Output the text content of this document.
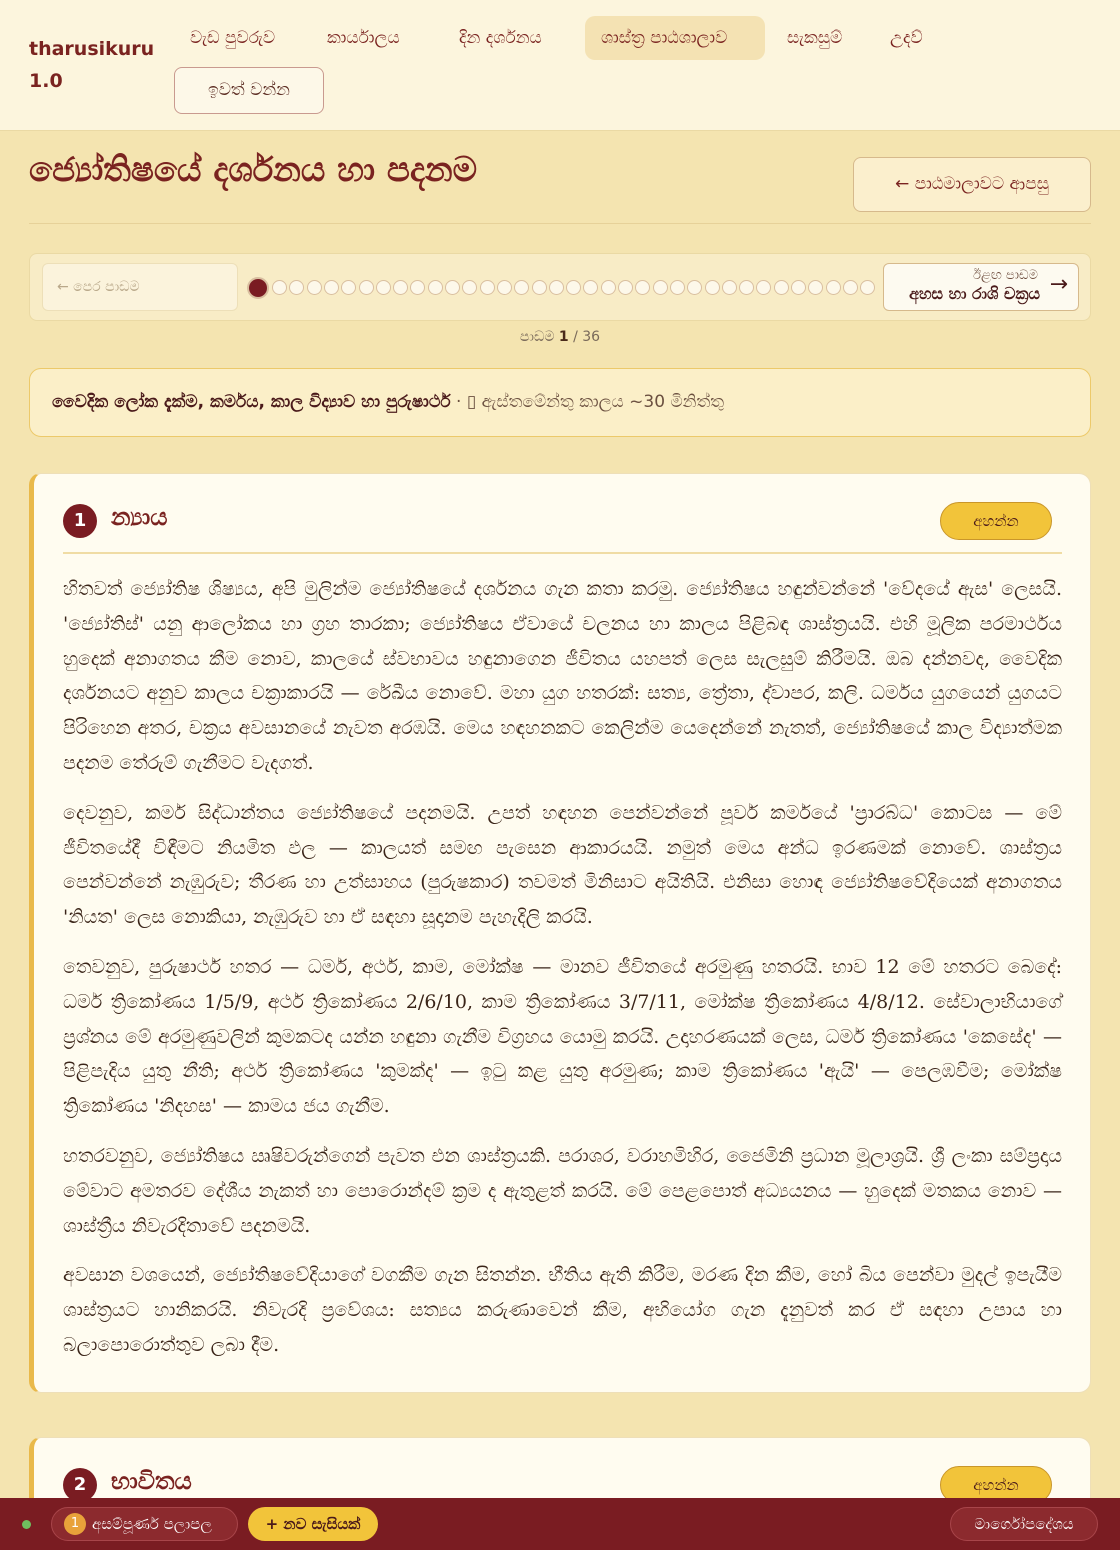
tharusikuru
1.0
වැඩ පුවරුව	කාර්යාලය	දින දර්ශනය	ශාස්ත්‍ර පාඨශාලාව	සැකසුම්	උදව්
ඉවත් වන්න
ජ්‍යෝතිෂයේ දර්ශනය හා පදනම	← පාඨමාලාවට ආපසු
← පෙර පාඩම
ඊළඟ පාඩම
අහස හා රාශි චක්‍රය →
පාඩම 1 / 36
වෛදික ලෝක දැක්ම, කර්මය, කාල විද්‍යාව හා පුරුෂාර්ථ · ▯ ඇස්තමේන්තු කාලය ~30 මිනිත්තු
1	න්‍යාය	අහන්න

හිතවත් ජ්‍යෝතිෂ ශිෂ්‍යය, අපි මුලින්ම ජ්‍යෝතිෂයේ දර්ශනය ගැන කතා කරමු. ජ්‍යෝතිෂය හඳුන්වන්නේ 'වේදයේ ඇස' ලෙසයි. 'ජ්‍යෝතිස්' යනු ආලෝකය හා ග්‍රහ තාරකා; ජ්‍යෝතිෂය ඒවායේ චලනය හා කාලය පිළිබඳ ශාස්ත්‍රයයි. එහි මූලික පරමාර්ථය හුදෙක් අනාගතය කීම නොව, කාලයේ ස්වභාවය හඳුනාගෙන ජීවිතය යහපත් ලෙස සැලසුම් කිරීමයි. ඔබ දන්නවද, වෛදික දර්ශනයට අනුව කාලය චක්‍රාකාරයි — රේඛීය නොවේ. මහා යුග හතරක්: සත්‍ය, ත්‍රේතා, ද්වාපර, කලි. ධර්මය යුගයෙන් යුගයට පිරිහෙන අතර, චක්‍රය අවසානයේ නැවත අරඹයි. මෙය හඳහනකට කෙලින්ම යෙදෙන්නේ නැතත්, ජ්‍යෝතිෂයේ කාල විද්‍යාත්මක පදනම තේරුම් ගැනීමට වැදගත්.

දෙවනුව, කර්ම සිද්ධාන්තය ජ්‍යෝතිෂයේ පදනමයි. උපත් හඳහන පෙන්වන්නේ පූර්ව කර්මයේ 'ප්‍රාරබ්ධ' කොටස — මේ ජීවිතයේදී විඳීමට නියමිත ඵල — කාලයත් සමඟ පැසෙන ආකාරයයි. නමුත් මෙය අන්ධ ඉරණමක් නොවේ. ශාස්ත්‍රය පෙන්වන්නේ නැඹුරුව; තීරණ හා උත්සාහය (පුරුෂකාර) තවමත් මිනිසාට අයිතියි. එනිසා හොඳ ජ්‍යෝතිෂවේදියෙක් අනාගතය 'නියත' ලෙස නොකියා, නැඹුරුව හා ඒ සඳහා සූදානම පැහැදිලි කරයි.

තෙවනුව, පුරුෂාර්ථ හතර — ධර්ම, අර්ථ, කාම, මෝක්ෂ — මානව ජීවිතයේ අරමුණු හතරයි. භාව 12 මේ හතරට බෙදේ: ධර්ම ත්‍රිකෝණය 1/5/9, අර්ථ ත්‍රිකෝණය 2/6/10, කාම ත්‍රිකෝණය 3/7/11, මෝක්ෂ ත්‍රිකෝණය 4/8/12. සේවාලාභියාගේ ප්‍රශ්නය මේ අරමුණුවලින් කුමකටද යන්න හඳුනා ගැනීම විග්‍රහය යොමු කරයි. උදාහරණයක් ලෙස, ධර්ම ත්‍රිකෝණය 'කෙසේද' — පිළිපැදිය යුතු නීති; අර්ථ ත්‍රිකෝණය 'කුමක්ද' — ඉටු කළ යුතු අරමුණ; කාම ත්‍රිකෝණය 'ඇයි' — පෙලඹවීම; මෝක්ෂ ත්‍රිකෝණය 'නිදහස' — කාමය ජය ගැනීම.

හතරවනුව, ජ්‍යෝතිෂය ඍෂිවරුන්ගෙන් පැවත එන ශාස්ත්‍රයකි. පරාශර, වරාහමිහිර, ජෛමිනි ප්‍රධාන මූලාශ්‍රයි. ශ්‍රී ලංකා සම්ප්‍රදාය මේවාට අමතරව දේශීය නැකත් හා පොරොන්දම් ක්‍රම ද ඇතුළත් කරයි. මේ පෙළපොත් අධ්‍යයනය — හුදෙක් මතකය නොව — ශාස්ත්‍රීය නිවැරදිතාවේ පදනමයි.

අවසාන වශයෙන්, ජ්‍යෝතිෂවේදියාගේ වගකීම ගැන සිතන්න. භීතිය ඇති කිරීම, මරණ දින කීම, හෝ බිය පෙන්වා මුදල් ඉපැයීම ශාස්ත්‍රයට හානිකරයි. නිවැරදි ප්‍රවේශය: සත්‍යය කරුණාවෙන් කීම, අභියෝග ගැන දැනුවත් කර ඒ සඳහා උපාය හා බලාපොරොත්තුව ලබා දීම.

2	භාවිතය	අහන්න
1 අසම්පූර්ණ පලාපල	+ නව සැසියක්	මාර්ගෝපදේශය
